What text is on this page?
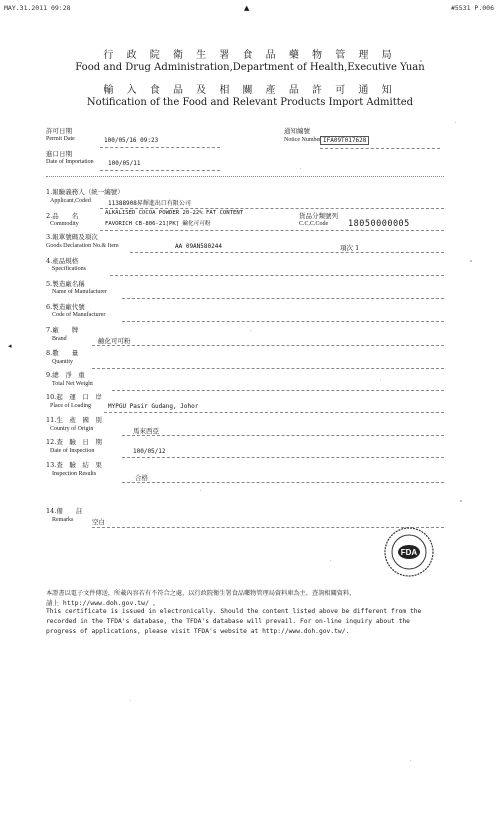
MAY.31.2011 09:28	▲	#5531 P.006
行 政 院 衛 生 署 食 品 藥 物 管 理 局
Food and Drug Administration,Department of Health,Executive Yuan
輸 入 食 品 及 相 關 產 品 許 可 通 知
Notification of the Food and Relevant Products Import Admitted
許可日期
Permit Date	100/05/16 09:23
通知編號
Notice Number IFA09T017628
進口日期
Date of Importation 100/05/11
1.報驗義務人（統一編號）
Applicant,Coded	11388908昇輝進出口有限公司
2.品　　名
Commodity
ALKALISED COCOA POWDER 20-22% FAT CONTENT
FAVORICH CB-806-21[PK] 鹼化可可粉
貨品分類號列
C.C.C.Code 18050000005
3.報單號碼及項次
Goods Declaration No.& Item	AA 09AN580244	項次 1
4.產品規格
Specifications
5.製造廠名稱
Name of Manufacturer
6.製造廠代號
Code of Manufacturer
7.廠　　牌
Brand	鹼化可可粉
◂
8.數　　量
Quantity
9.總　淨　重
Total Net Weight
10.起　運　口　岸
Place of Loading	MYPGU Pasir Gudang, Johor
11.生　產　國　別
Country of Origin	馬來西亞
12.查　驗　日　期
Date of Inspection	100/05/12
13.查　驗　結　果
Inspection Results	合格
14.備　　註
Remarks	空白
FDA
本證書以電子文件傳送，所載內容若有不符合之處，以行政院衛生署食品藥物管理局資料庫為主，查詢相關資料，
請上 http://www.doh.gov.tw/ 。
This certificate is issued in electronically. Should the content listed above be different from the
recorded in the TFDA's database, the TFDA's database will prevail. For on-line inquiry about the
progress of applications, please visit TFDA's website at http://www.doh.gov.tw/.
